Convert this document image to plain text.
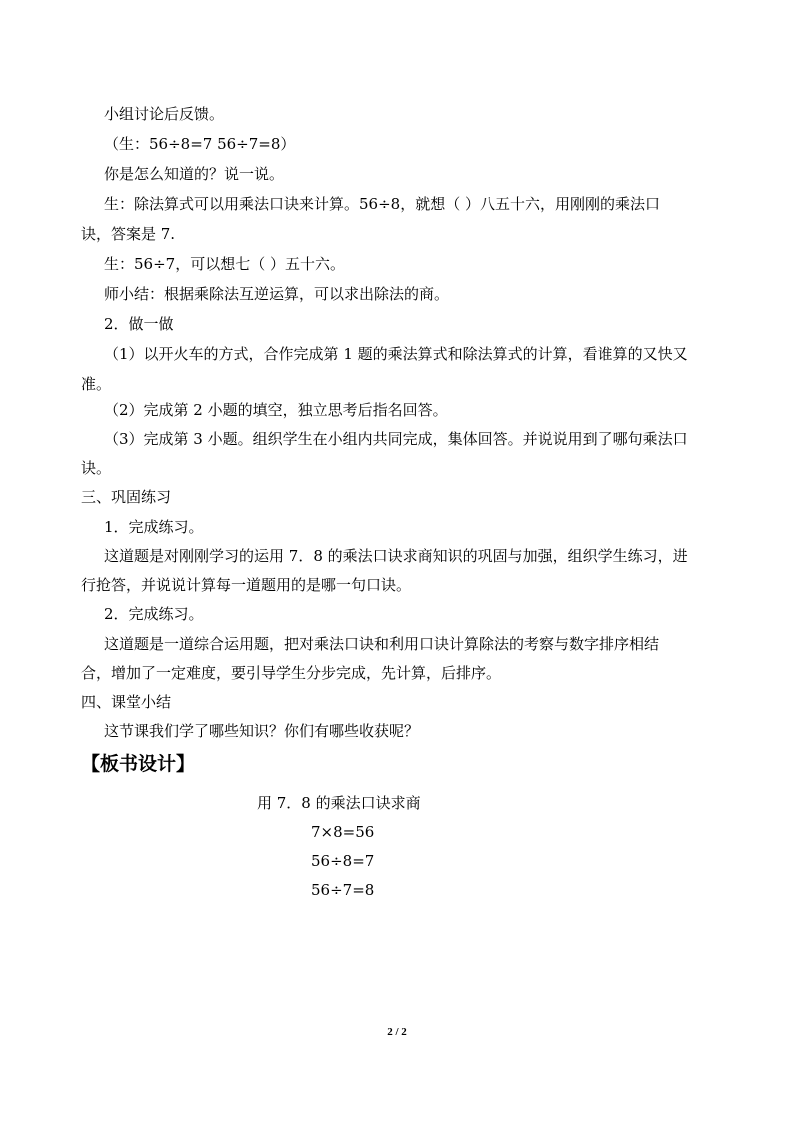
小组讨论后反馈。
（生：56÷8=7 56÷7=8）
你是怎么知道的？说一说。
生：除法算式可以用乘法口诀来计算。56÷8，就想（ ）八五十六，用刚刚的乘法口
诀，答案是 7.
生：56÷7，可以想七（ ）五十六。
师小结：根据乘除法互逆运算，可以求出除法的商。
2．做一做
（1）以开火车的方式，合作完成第 1 题的乘法算式和除法算式的计算，看谁算的又快又
准。
（2）完成第 2 小题的填空，独立思考后指名回答。
（3）完成第 3 小题。组织学生在小组内共同完成，集体回答。并说说用到了哪句乘法口
诀。
三、巩固练习
1．完成练习。
这道题是对刚刚学习的运用 7．8 的乘法口诀求商知识的巩固与加强，组织学生练习，进
行抢答，并说说计算每一道题用的是哪一句口诀。
2．完成练习。
这道题是一道综合运用题，把对乘法口诀和利用口诀计算除法的考察与数字排序相结
合，增加了一定难度，要引导学生分步完成，先计算，后排序。
四、课堂小结
这节课我们学了哪些知识？你们有哪些收获呢？
【板书设计】
用 7．8 的乘法口诀求商
7×8=56
56÷8=7
56÷7=8
2 / 2
